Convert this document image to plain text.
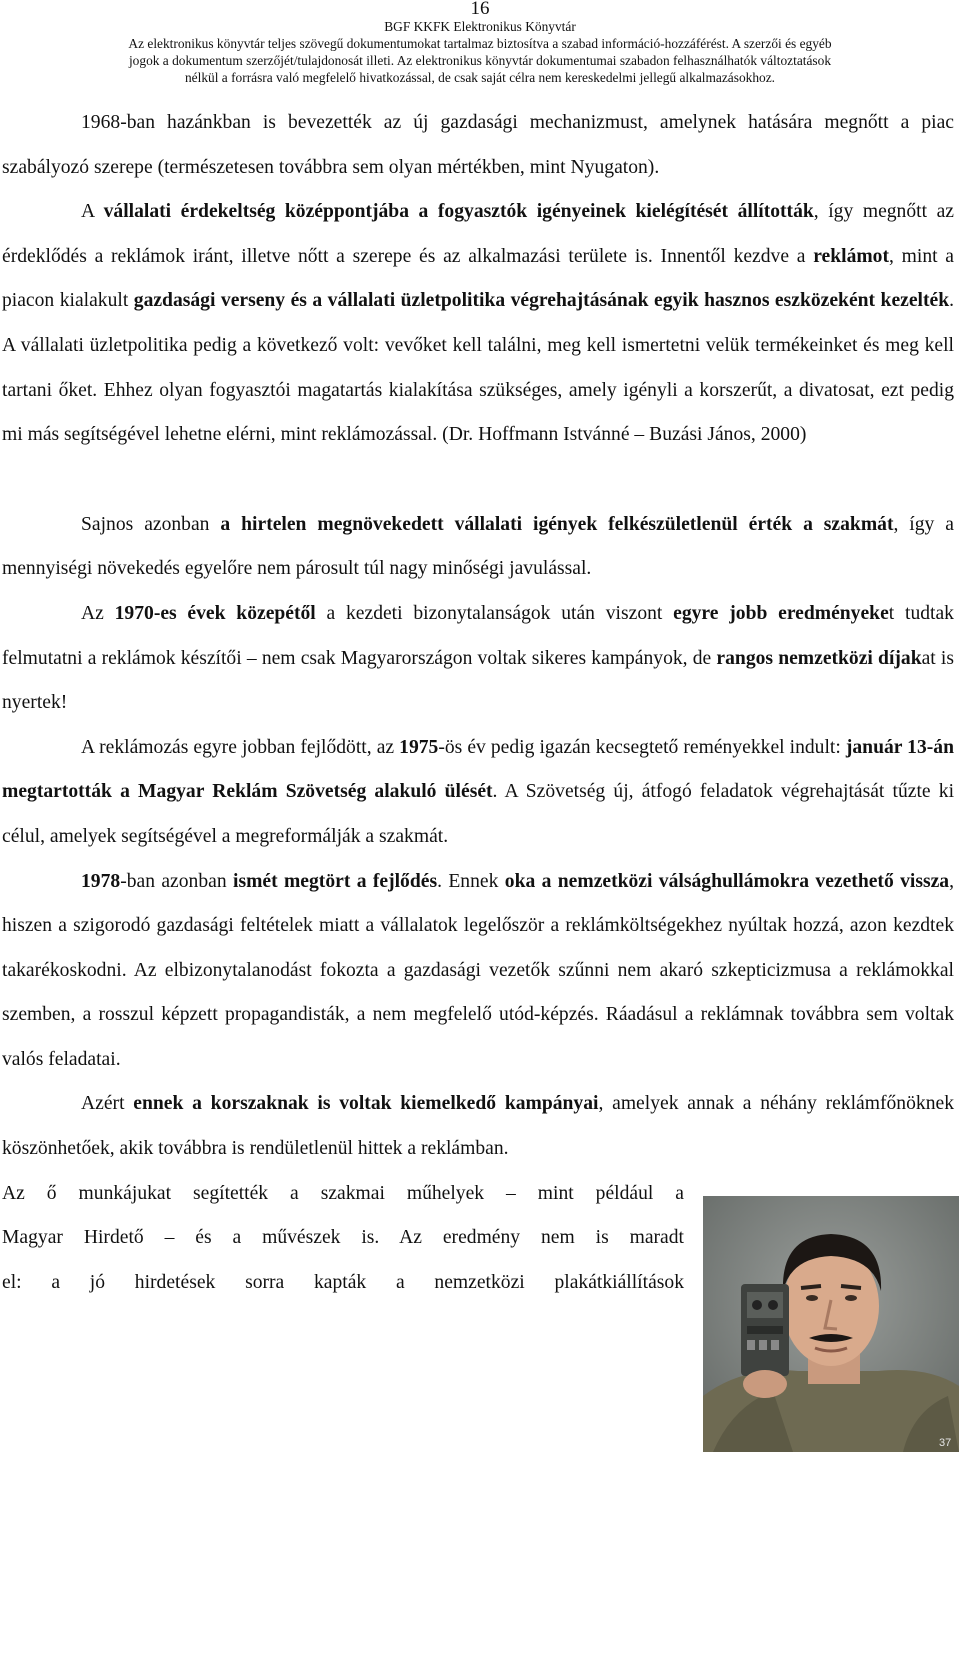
16
BGF KKFK Elektronikus Könyvtár
Az elektronikus könyvtár teljes szövegű dokumentumokat tartalmaz biztosítva a szabad információ-hozzáférést. A szerzői és egyéb
jogok a dokumentum szerzőjét/tulajdonosát illeti. Az elektronikus könyvtár dokumentumai szabadon felhasználhatók változtatások
nélkül a forrásra való megfelelő hivatkozással, de csak saját célra nem kereskedelmi jellegű alkalmazásokhoz.

1968-ban hazánkban is bevezették az új gazdasági mechanizmust, amelynek hatására megnőtt a piac szabályozó szerepe (természetesen továbbra sem olyan mértékben, mint Nyugaton).

A vállalati érdekeltség középpontjába a fogyasztók igényeinek kielégítését állították, így megnőtt az érdeklődés a reklámok iránt, illetve nőtt a szerepe és az alkalmazási területe is. Innentől kezdve a reklámot, mint a piacon kialakult gazdasági verseny és a vállalati üzletpolitika végrehajtásának egyik hasznos eszközeként kezelték. A vállalati üzletpolitika pedig a következő volt: vevőket kell találni, meg kell ismertetni velük termékeinket és meg kell tartani őket. Ehhez olyan fogyasztói magatartás kialakítása szükséges, amely igényli a korszerűt, a divatosat, ezt pedig mi más segítségével lehetne elérni, mint reklámozással. (Dr. Hoffmann Istvánné – Buzási János, 2000)

Sajnos azonban a hirtelen megnövekedett vállalati igények felkészületlenül érték a szakmát, így a mennyiségi növekedés egyelőre nem párosult túl nagy minőségi javulással.

Az 1970-es évek közepétől a kezdeti bizonytalanságok után viszont egyre jobb eredményeket tudtak felmutatni a reklámok készítői – nem csak Magyarországon voltak sikeres kampányok, de rangos nemzetközi díjakat is nyertek!

A reklámozás egyre jobban fejlődött, az 1975-ös év pedig igazán kecsegtető reményekkel indult: január 13-án megtartották a Magyar Reklám Szövetség alakuló ülését. A Szövetség új, átfogó feladatok végrehajtását tűzte ki célul, amelyek segítségével a megreformálják a szakmát.

1978-ban azonban ismét megtört a fejlődés. Ennek oka a nemzetközi válsághullámokra vezethető vissza, hiszen a szigorodó gazdasági feltételek miatt a vállalatok legelőször a reklámköltségekhez nyúltak hozzá, azon kezdtek takarékoskodni. Az elbizonytalanodást fokozta a gazdasági vezetők szűnni nem akaró szkepticizmusa a reklámokkal szemben, a rosszul képzett propagandisták, a nem megfelelő utód-képzés. Ráadásul a reklámnak továbbra sem voltak valós feladatai.

Azért ennek a korszaknak is voltak kiemelkedő kampányai, amelyek annak a néhány reklámfőnöknek köszönhetőek, akik továbbra is rendületlenül hittek a reklámban.

Az ő munkájukat segítették a szakmai műhelyek – mint például a
Magyar Hirdető – és a művészek is. Az eredmény nem is maradt
el: a jó hirdetések sorra kapták a nemzetközi plakátkiállítások
37
